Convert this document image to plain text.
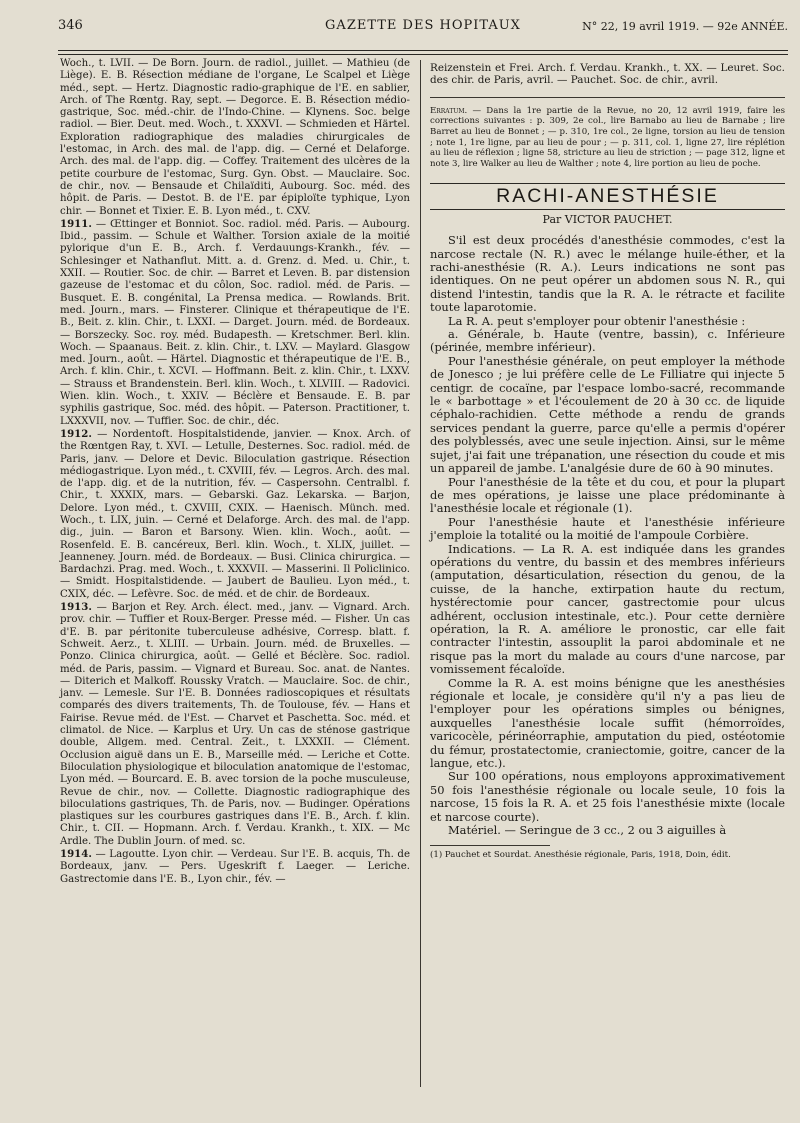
346	GAZETTE DES HOPITAUX	N° 22, 19 avril 1919. — 92e ANNÉE.

Woch., t. LVII. — De Born. Journ. de radiol., juillet. — Mathieu (de Liège). E. B. Résection médiane de l'organe, Le Scalpel et Liège méd., sept. — Hertz. Diagnostic radio-graphique de l'E. en sablier, Arch. of The Rœntg. Ray, sept. — Degorce. E. B. Résection médio-gastrique, Soc. méd.-chir. de l'Indo-Chine. — Klynens. Soc. belge radiol. — Bier. Deut. med. Woch., t. XXXVI. — Schmieden et Härtel. Exploration radiographique des maladies chirurgicales de l'estomac, in Arch. des mal. de l'app. dig. — Cerné et Delaforge. Arch. des mal. de l'app. dig. — Coffey. Traitement des ulcères de la petite courbure de l'estomac, Surg. Gyn. Obst. — Mauclaire. Soc. de chir., nov. — Bensaude et Chilaïditi, Aubourg. Soc. méd. des hôpit. de Paris. — Destot. B. de l'E. par épiploïte typhique, Lyon chir. — Bonnet et Tixier. E. B. Lyon méd., t. CXV.

1911. — Œttinger et Bonniot. Soc. radiol. méd. Paris. — Aubourg. Ibid., passim. — Schule et Walther. Torsion axiale de la moitié pylorique d'un E. B., Arch. f. Verdauungs-Krankh., fév. — Schlesinger et Nathanflut. Mitt. a. d. Grenz. d. Med. u. Chir., t. XXII. — Routier. Soc. de chir. — Barret et Leven. B. par distension gazeuse de l'estomac et du côlon, Soc. radiol. méd. de Paris. — Busquet. E. B. congénital, La Prensa medica. — Rowlands. Brit. med. Journ., mars. — Finsterer. Clinique et thérapeutique de l'E. B., Beit. z. klin. Chir., t. LXXI. — Darget. Journ. méd. de Bordeaux. — Borszecky. Soc. roy. méd. Budapesth. — Kretschmer. Berl. klin. Woch. — Spaanaus. Beit. z. klin. Chir., t. LXV. — Maylard. Glasgow med. Journ., août. — Härtel. Diagnostic et thérapeutique de l'E. B., Arch. f. klin. Chir., t. XCVI. — Hoffmann. Beit. z. klin. Chir., t. LXXV. — Strauss et Brandenstein. Berl. klin. Woch., t. XLVIII. — Radovici. Wien. klin. Woch., t. XXIV. — Béclère et Bensaude. E. B. par syphilis gastrique, Soc. méd. des hôpit. — Paterson. Practitioner, t. LXXXVII, nov. — Tuffier. Soc. de chir., déc.

1912. — Nordentoft. Hospitalstidende, janvier. — Knox. Arch. of the Rœntgen Ray, t. XVI. — Letulle, Desternes. Soc. radiol. méd. de Paris, janv. — Delore et Devic. Biloculation gastrique. Résection médiogastrique. Lyon méd., t. CXVIII, fév. — Legros. Arch. des mal. de l'app. dig. et de la nutrition, fév. — Caspersohn. Centralbl. f. Chir., t. XXXIX, mars. — Gebarski. Gaz. Lekarska. — Barjon, Delore. Lyon méd., t. CXVIII, CXIX. — Haenisch. Münch. med. Woch., t. LIX, juin. — Cerné et Delaforge. Arch. des mal. de l'app. dig., juin. — Baron et Barsony. Wien. klin. Woch., août. — Rosenfeld. E. B. cancéreux, Berl. klin. Woch., t. XLIX, juillet. — Jeanneney. Journ. méd. de Bordeaux. — Busi. Clinica chirurgica. — Bardachzi. Prag. med. Woch., t. XXXVII. — Masserini. Il Policlinico. — Smidt. Hospitalstidende. — Jaubert de Baulieu. Lyon méd., t. CXIX, déc. — Lefèvre. Soc. de méd. et de chir. de Bordeaux.

1913. — Barjon et Rey. Arch. élect. med., janv. — Vignard. Arch. prov. chir. — Tuffier et Roux-Berger. Presse méd. — Fisher. Un cas d'E. B. par péritonite tuberculeuse adhésive, Corresp. blatt. f. Schweit. Aerz., t. XLIII. — Urbain. Journ. méd. de Bruxelles. — Ponzo. Clinica chirurgica, août. — Gellé et Béclère. Soc. radiol. méd. de Paris, passim. — Vignard et Bureau. Soc. anat. de Nantes. — Diterich et Malkoff. Roussky Vratch. — Mauclaire. Soc. de chir., janv. — Lemesle. Sur l'E. B. Données radioscopiques et résultats comparés des divers traitements, Th. de Toulouse, fév. — Hans et Fairise. Revue méd. de l'Est. — Charvet et Paschetta. Soc. méd. et climatol. de Nice. — Karplus et Ury. Un cas de sténose gastrique double, Allgem. med. Central. Zeit., t. LXXXII. — Clément. Occlusion aiguë dans un E. B., Marseille méd. — Leriche et Cotte. Biloculation physiologique et biloculation anatomique de l'estomac, Lyon méd. — Bourcard. E. B. avec torsion de la poche musculeuse, Revue de chir., nov. — Collette. Diagnostic radiographique des biloculations gastriques, Th. de Paris, nov. — Budinger. Opérations plastiques sur les courbures gastriques dans l'E. B., Arch. f. klin. Chir., t. CII. — Hopmann. Arch. f. Verdau. Krankh., t. XIX. — Mc Ardle. The Dublin Journ. of med. sc.

1914. — Lagoutte. Lyon chir. — Verdeau. Sur l'E. B. acquis, Th. de Bordeaux, janv. — Pers. Ugeskrift f. Laeger. — Leriche. Gastrectomie dans l'E. B., Lyon chir., fév. —

Reizenstein et Frei. Arch. f. Verdau. Krankh., t. XX. — Leuret. Soc. des chir. de Paris, avril. — Pauchet. Soc. de chir., avril.

Erratum. — Dans la 1re partie de la Revue, no 20, 12 avril 1919, faire les corrections suivantes : p. 309, 2e col., lire Barnabo au lieu de Barnabe ; lire Barret au lieu de Bonnet ; — p. 310, 1re col., 2e ligne, torsion au lieu de tension ; note 1, 1re ligne, par au lieu de pour ; — p. 311, col. 1, ligne 27, lire réplétion au lieu de réflexion ; ligne 58, stricture au lieu de striction ; — page 312, ligne et note 3, lire Walker au lieu de Walther ; note 4, lire portion au lieu de poche.

RACHI-ANESTHÉSIE

Par VICTOR PAUCHET.

S'il est deux procédés d'anesthésie commodes, c'est la narcose rectale (N. R.) avec le mélange huile-éther, et la rachi-anesthésie (R. A.). Leurs indications ne sont pas identiques. On ne peut opérer un abdomen sous N. R., qui distend l'intestin, tandis que la R. A. le rétracte et facilite toute laparotomie.

La R. A. peut s'employer pour obtenir l'anesthésie :

a. Générale, b. Haute (ventre, bassin), c. Inférieure (périnée, membre inférieur).

Pour l'anesthésie générale, on peut employer la méthode de Jonesco ; je lui préfère celle de Le Filliatre qui injecte 5 centigr. de cocaïne, par l'espace lombo-sacré, recommande le « barbottage » et l'écoulement de 20 à 30 cc. de liquide céphalo-rachidien. Cette méthode a rendu de grands services pendant la guerre, parce qu'elle a permis d'opérer des polyblessés, avec une seule injection. Ainsi, sur le même sujet, j'ai fait une trépanation, une résection du coude et mis un appareil de jambe. L'analgésie dure de 60 à 90 minutes.

Pour l'anesthésie de la tête et du cou, et pour la plupart de mes opérations, je laisse une place prédominante à l'anesthésie locale et régionale (1).

Pour l'anesthésie haute et l'anesthésie inférieure j'emploie la totalité ou la moitié de l'ampoule Corbière.

Indications. — La R. A. est indiquée dans les grandes opérations du ventre, du bassin et des membres inférieurs (amputation, désarticulation, résection du genou, de la cuisse, de la hanche, extirpation haute du rectum, hystérectomie pour cancer, gastrectomie pour ulcus adhérent, occlusion intestinale, etc.). Pour cette dernière opération, la R. A. améliore le pronostic, car elle fait contracter l'intestin, assouplit la paroi abdominale et ne risque pas la mort du malade au cours d'une narcose, par vomissement fécaloïde.

Comme la R. A. est moins bénigne que les anesthésies régionale et locale, je considère qu'il n'y a pas lieu de l'employer pour les opérations simples ou bénignes, auxquelles l'anesthésie locale suffit (hémorroïdes, varicocèle, périnéorraphie, amputation du pied, ostéotomie du fémur, prostatectomie, craniectomie, goitre, cancer de la langue, etc.).

Sur 100 opérations, nous employons approximativement 50 fois l'anesthésie régionale ou locale seule, 10 fois la narcose, 15 fois la R. A. et 25 fois l'anesthésie mixte (locale et narcose courte).

Matériel. — Seringue de 3 cc., 2 ou 3 aiguilles à

(1) Pauchet et Sourdat. Anesthésie régionale, Paris, 1918, Doin, édit.
